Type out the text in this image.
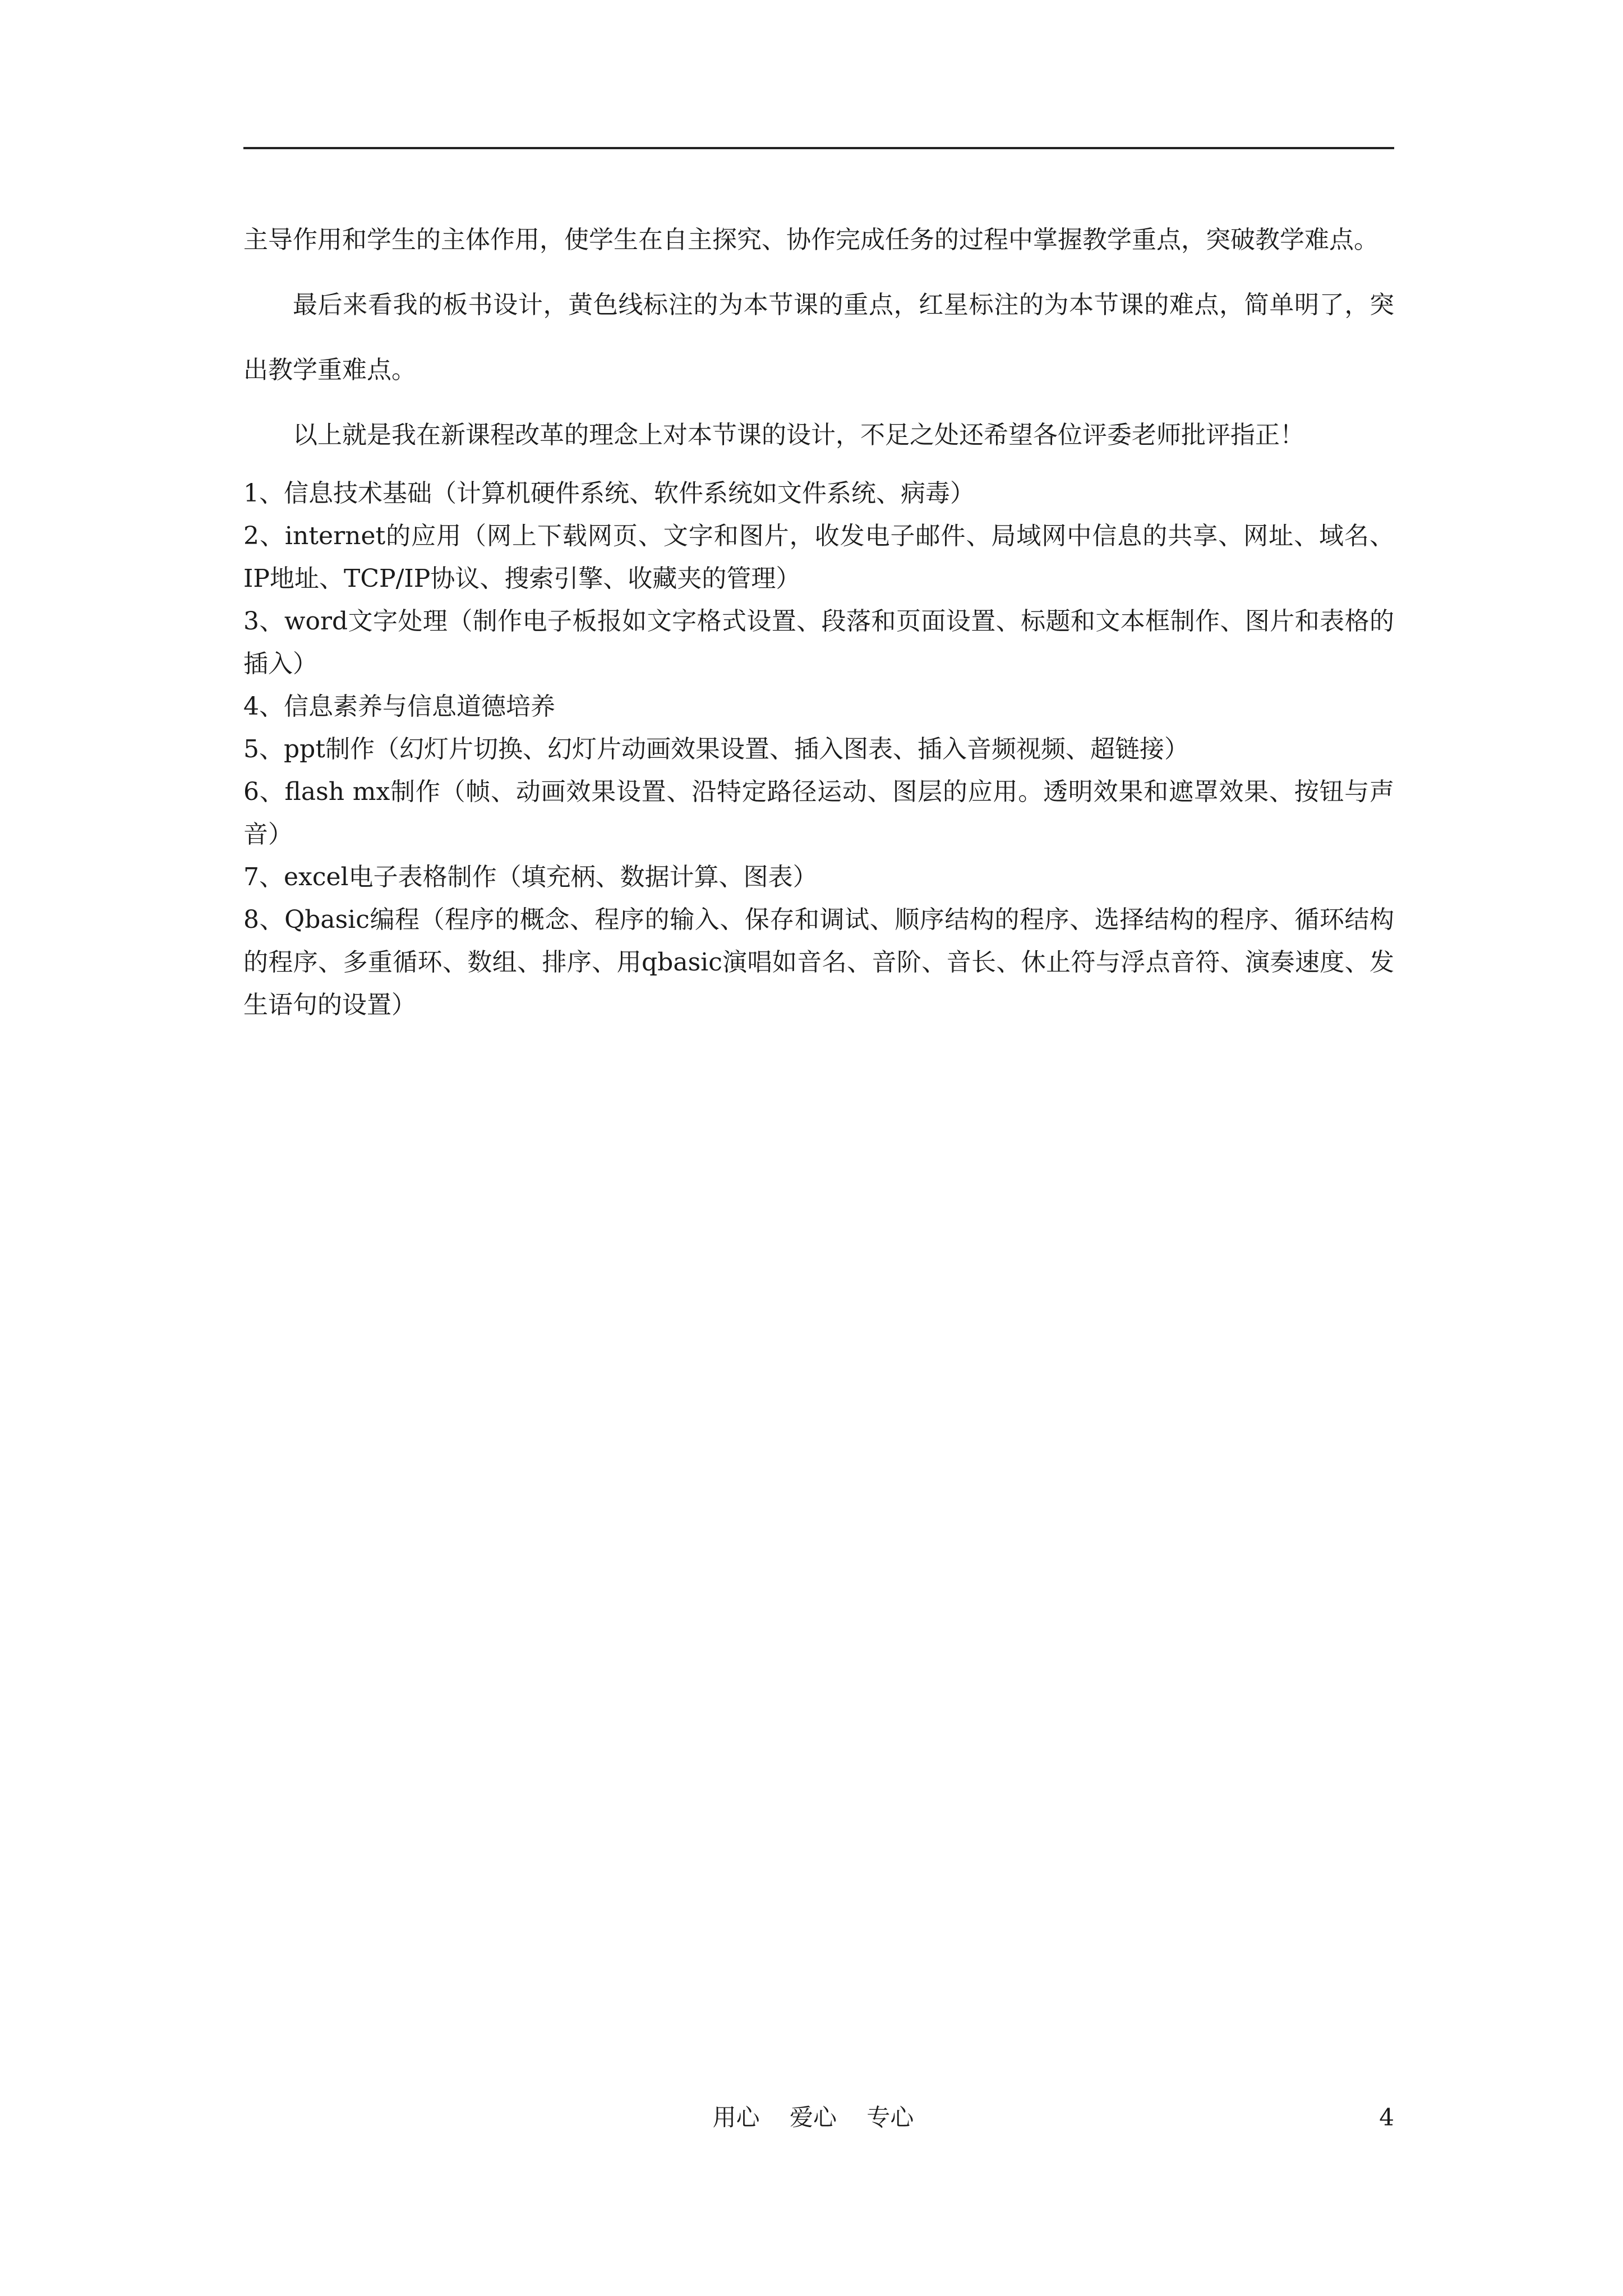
主导作用和学生的主体作用，使学生在自主探究、协作完成任务的过程中掌握教学重点，突破教学难点。

最后来看我的板书设计，黄色线标注的为本节课的重点，红星标注的为本节课的难点，简单明了，突出教学重难点。

以上就是我在新课程改革的理念上对本节课的设计，不足之处还希望各位评委老师批评指正！

1、信息技术基础（计算机硬件系统、软件系统如文件系统、病毒）

2、internet的应用（网上下载网页、文字和图片，收发电子邮件、局域网中信息的共享、网址、域名、IP地址、TCP/IP协议、搜索引擎、收藏夹的管理）

3、word文字处理（制作电子板报如文字格式设置、段落和页面设置、标题和文本框制作、图片和表格的插入）

4、信息素养与信息道德培养

5、ppt制作（幻灯片切换、幻灯片动画效果设置、插入图表、插入音频视频、超链接）

6、flash mx制作（帧、动画效果设置、沿特定路径运动、图层的应用。透明效果和遮罩效果、按钮与声音）

7、excel电子表格制作（填充柄、数据计算、图表）

8、Qbasic编程（程序的概念、程序的输入、保存和调试、顺序结构的程序、选择结构的程序、循环结构的程序、多重循环、数组、排序、用qbasic演唱如音名、音阶、音长、休止符与浮点音符、演奏速度、发生语句的设置）

用心    爱心    专心	4
